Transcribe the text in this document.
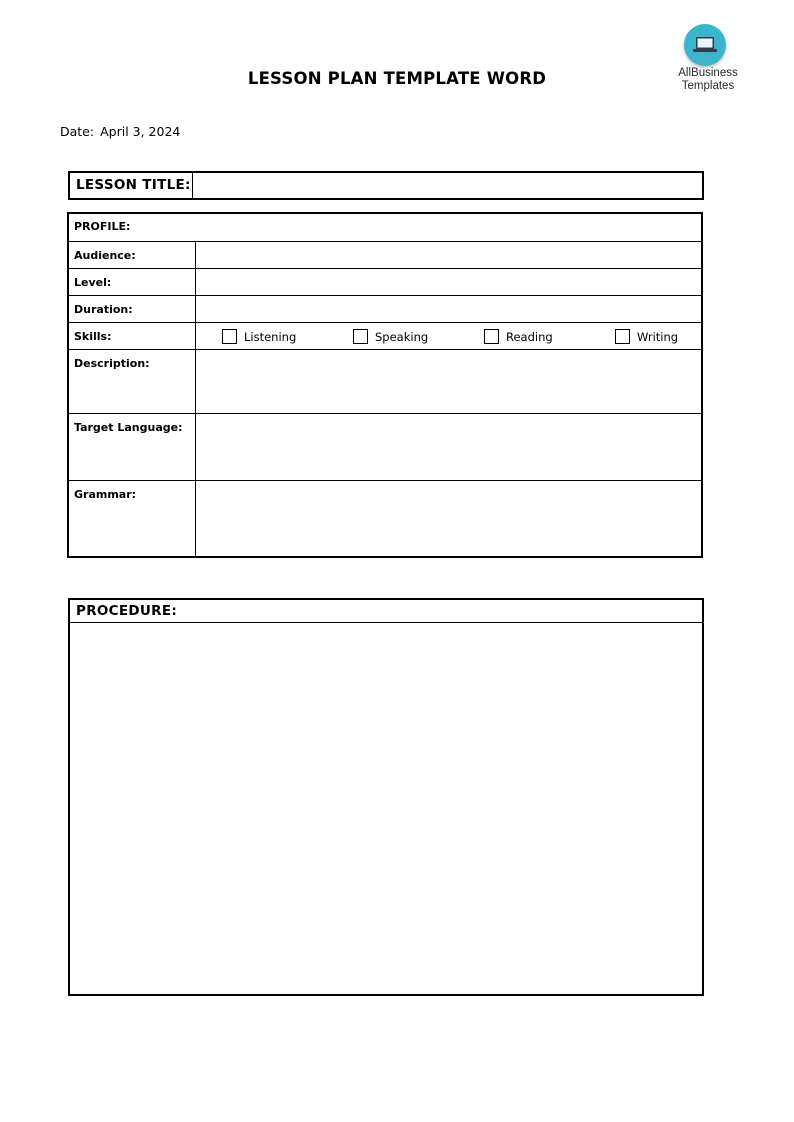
AllBusiness
Templates
LESSON PLAN TEMPLATE WORD
Date: April 3, 2024
LESSON TITLE:
PROFILE:
Audience:
Level:
Duration:
Skills:	Listening	Speaking	Reading	Writing
Description:
Target Language:
Grammar:
PROCEDURE:
